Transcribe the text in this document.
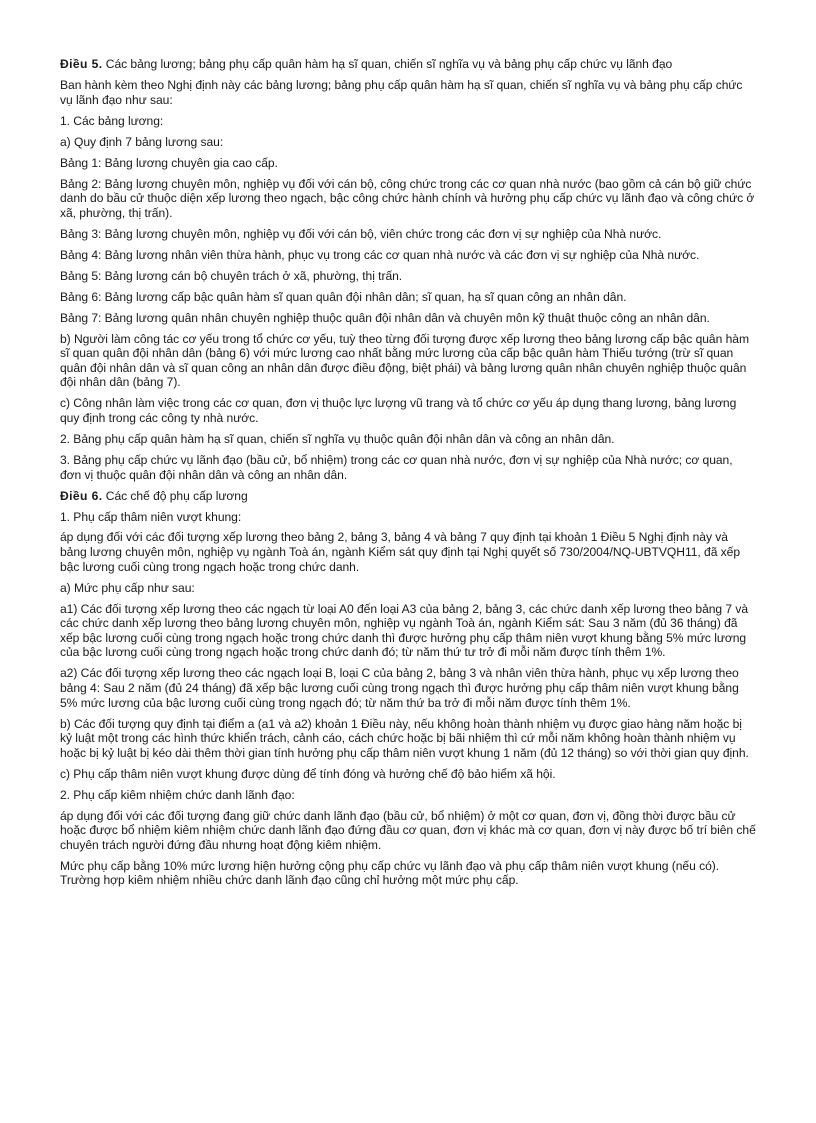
Điều 5. Các bảng lương; bảng phụ cấp quân hàm hạ sĩ quan, chiến sĩ nghĩa vụ và bảng phụ cấp chức vụ lãnh đạo

Ban hành kèm theo Nghị định này các bảng lương; bảng phụ cấp quân hàm hạ sĩ quan, chiến sĩ nghĩa vụ và bảng phụ cấp chức vụ lãnh đạo như sau:

1. Các bảng lương:

a) Quy định 7 bảng lương sau:

Bảng 1: Bảng lương chuyên gia cao cấp.

Bảng 2: Bảng lương chuyên môn, nghiệp vụ đối với cán bộ, công chức trong các cơ quan nhà nước (bao gồm cả cán bộ giữ chức danh do bầu cử thuộc diện xếp lương theo ngạch, bậc công chức hành chính và hưởng phụ cấp chức vụ lãnh đạo và công chức ở xã, phường, thị trấn).

Bảng 3: Bảng lương chuyên môn, nghiệp vụ đối với cán bộ, viên chức trong các đơn vị sự nghiệp của Nhà nước.

Bảng 4: Bảng lương nhân viên thừa hành, phục vụ trong các cơ quan nhà nước và các đơn vị sự nghiệp của Nhà nước.

Bảng 5: Bảng lương cán bộ chuyên trách ở xã, phường, thị trấn.

Bảng 6: Bảng lương cấp bậc quân hàm sĩ quan quân đội nhân dân; sĩ quan, hạ sĩ quan công an nhân dân.

Bảng 7: Bảng lương quân nhân chuyên nghiệp thuộc quân đội nhân dân và chuyên môn kỹ thuật thuộc công an nhân dân.

b) Người làm công tác cơ yếu trong tổ chức cơ yếu, tuỳ theo từng đối tượng được xếp lương theo bảng lương cấp bậc quân hàm sĩ quan quân đội nhân dân (bảng 6) với mức lương cao nhất bằng mức lương của cấp bậc quân hàm Thiếu tướng (trừ sĩ quan quân đội nhân dân và sĩ quan công an nhân dân được điều động, biệt phái) và bảng lương quân nhân chuyên nghiệp thuộc quân đội nhân dân (bảng 7).

c) Công nhân làm việc trong các cơ quan, đơn vị thuộc lực lượng vũ trang và tổ chức cơ yếu áp dụng thang lương, bảng lương quy định trong các công ty nhà nước.

2. Bảng phụ cấp quân hàm hạ sĩ quan, chiến sĩ nghĩa vụ thuộc quân đội nhân dân và công an nhân dân.

3. Bảng phụ cấp chức vụ lãnh đạo (bầu cử, bổ nhiệm) trong các cơ quan nhà nước, đơn vị sự nghiệp của Nhà nước; cơ quan, đơn vị thuộc quân đội nhân dân và công an nhân dân.

Điều 6. Các chế độ phụ cấp lương

1. Phụ cấp thâm niên vượt khung:

áp dụng đối với các đối tượng xếp lương theo bảng 2, bảng 3, bảng 4 và bảng 7 quy định tại khoản 1 Điều 5 Nghị định này và bảng lương chuyên môn, nghiệp vụ ngành Toà án, ngành Kiểm sát quy định tại Nghị quyết số 730/2004/NQ-UBTVQH11, đã xếp bậc lương cuối cùng trong ngạch hoặc trong chức danh.

a) Mức phụ cấp như sau:

a1) Các đối tượng xếp lương theo các ngạch từ loại A0 đến loại A3 của bảng 2, bảng 3, các chức danh xếp lương theo bảng 7 và các chức danh xếp lương theo bảng lương chuyên môn, nghiệp vụ ngành Toà án, ngành Kiểm sát: Sau 3 năm (đủ 36 tháng) đã xếp bậc lương cuối cùng trong ngạch hoặc trong chức danh thì được hưởng phụ cấp thâm niên vượt khung bằng 5% mức lương của bậc lương cuối cùng trong ngạch hoặc trong chức danh đó; từ năm thứ tư trở đi mỗi năm được tính thêm 1%.

a2) Các đối tượng xếp lương theo các ngạch loại B, loại C của bảng 2, bảng 3 và nhân viên thừa hành, phục vụ xếp lương theo bảng 4: Sau 2 năm (đủ 24 tháng) đã xếp bậc lương cuối cùng trong ngạch thì được hưởng phụ cấp thâm niên vượt khung bằng 5% mức lương của bậc lương cuối cùng trong ngạch đó; từ năm thứ ba trở đi mỗi năm được tính thêm 1%.

b) Các đối tượng quy định tại điểm a (a1 và a2) khoản 1 Điều này, nếu không hoàn thành nhiệm vụ được giao hàng năm hoặc bị kỷ luật một trong các hình thức khiển trách, cảnh cáo, cách chức hoặc bị bãi nhiệm thì cứ mỗi năm không hoàn thành nhiệm vụ hoặc bị kỷ luật bị kéo dài thêm thời gian tính hưởng phụ cấp thâm niên vượt khung 1 năm (đủ 12 tháng) so với thời gian quy định.

c) Phụ cấp thâm niên vượt khung được dùng để tính đóng và hưởng chế độ bảo hiểm xã hội.

2. Phụ cấp kiêm nhiệm chức danh lãnh đạo:

áp dụng đối với các đối tượng đang giữ chức danh lãnh đạo (bầu cử, bổ nhiệm) ở một cơ quan, đơn vị, đồng thời được bầu cử hoặc được bổ nhiệm kiêm nhiệm chức danh lãnh đạo đứng đầu cơ quan, đơn vị khác mà cơ quan, đơn vị này được bố trí biên chế chuyên trách người đứng đầu nhưng hoạt động kiêm nhiệm.

Mức phụ cấp bằng 10% mức lương hiện hưởng cộng phụ cấp chức vụ lãnh đạo và phụ cấp thâm niên vượt khung (nếu có). Trường hợp kiêm nhiệm nhiều chức danh lãnh đạo cũng chỉ hưởng một mức phụ cấp.
